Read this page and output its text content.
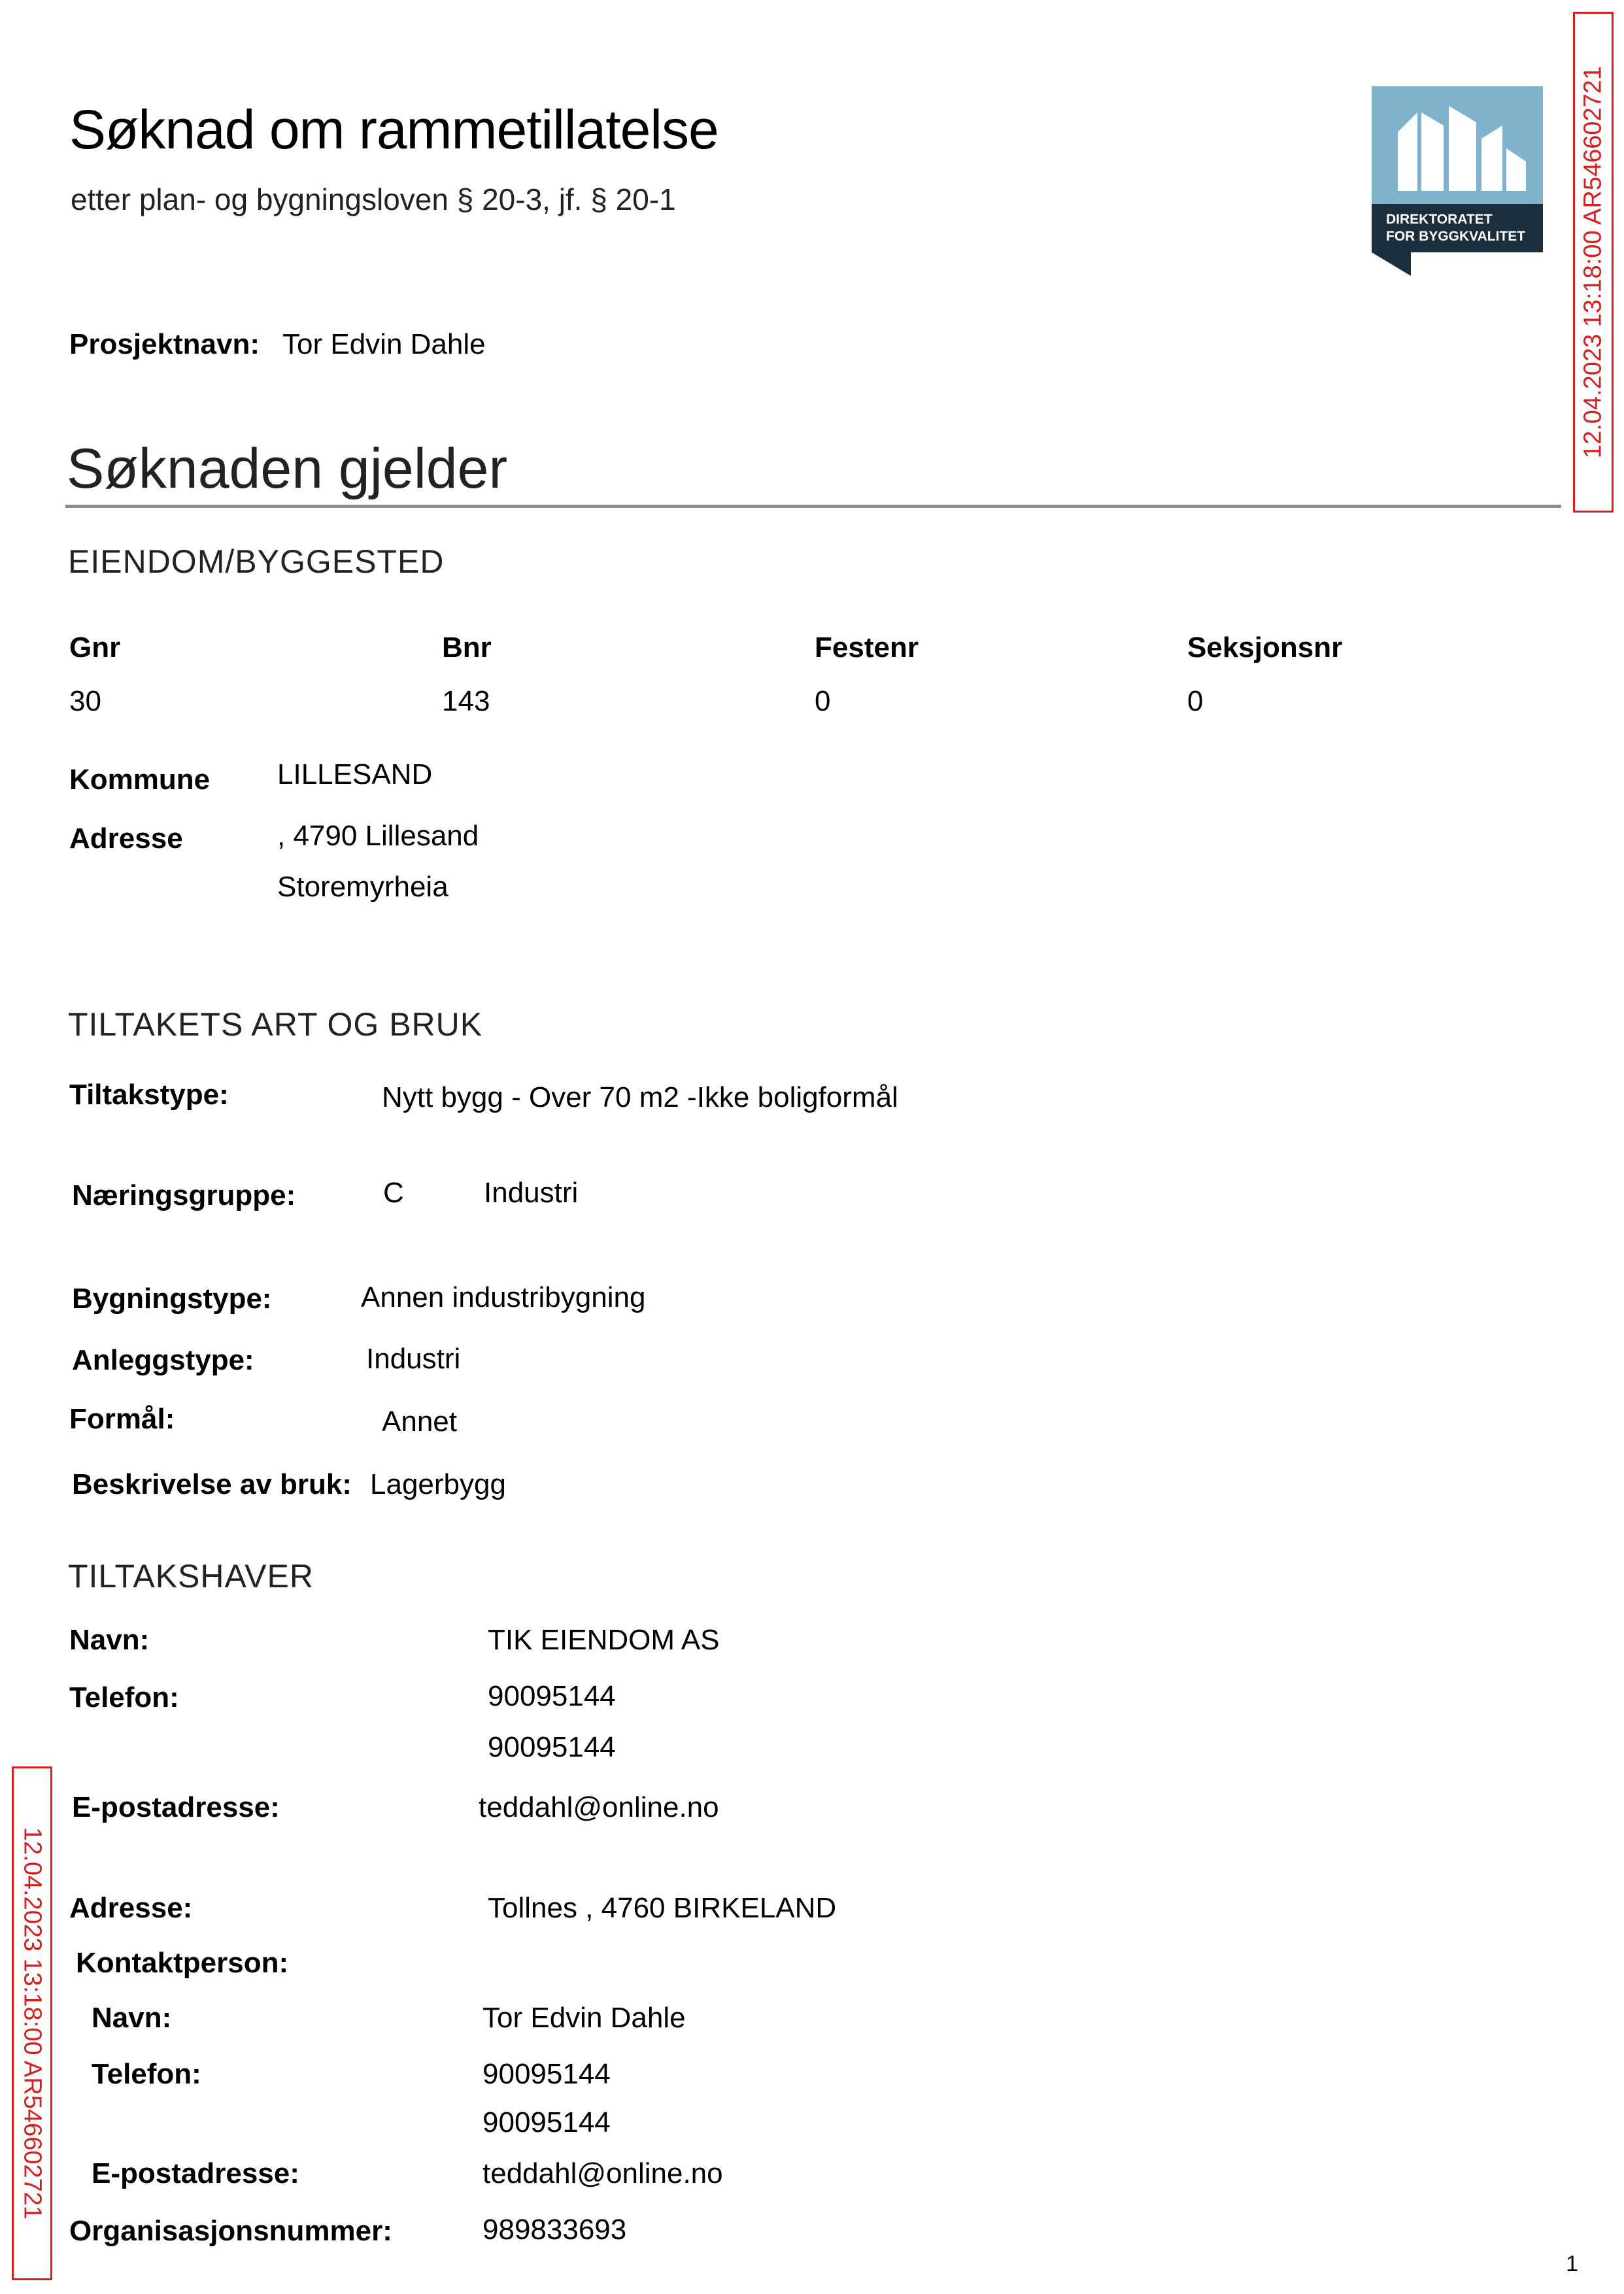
Søknad om rammetillatelse
etter plan- og bygningsloven § 20-3, jf. § 20-1
DIREKTORATET
FOR BYGGKVALITET 12.04.2023 13:18:00 AR546602721
Prosjektnavn: Tor Edvin Dahle
Søknaden gjelder
EIENDOM/BYGGESTED
Gnr	Bnr	Festenr	Seksjonsnr
30	143	0	0
Kommune LILLESAND
Adresse	, 4790 Lillesand
Storemyrheia
TILTAKETS ART OG BRUK
Tiltakstype:	Nytt bygg - Over 70 m2 -Ikke boligformål
Næringsgruppe:	C	Industri
Bygningstype:	Annen industribygning
Anleggstype:	Industri
Formål:	Annet
Beskrivelse av bruk: Lagerbygg
TILTAKSHAVER
Navn:	TIK EIENDOM AS
Telefon:	90095144
90095144
E-postadresse:	teddahl@online.no
Adresse:	Tollnes , 4760 BIRKELAND
Kontaktperson:
Navn:	Tor Edvin Dahle
Telefon:	90095144
90095144
E-postadresse:	teddahl@online.no
Organisasjonsnummer:	989833693
12.04.2023 13:18:00 AR546602721
1
